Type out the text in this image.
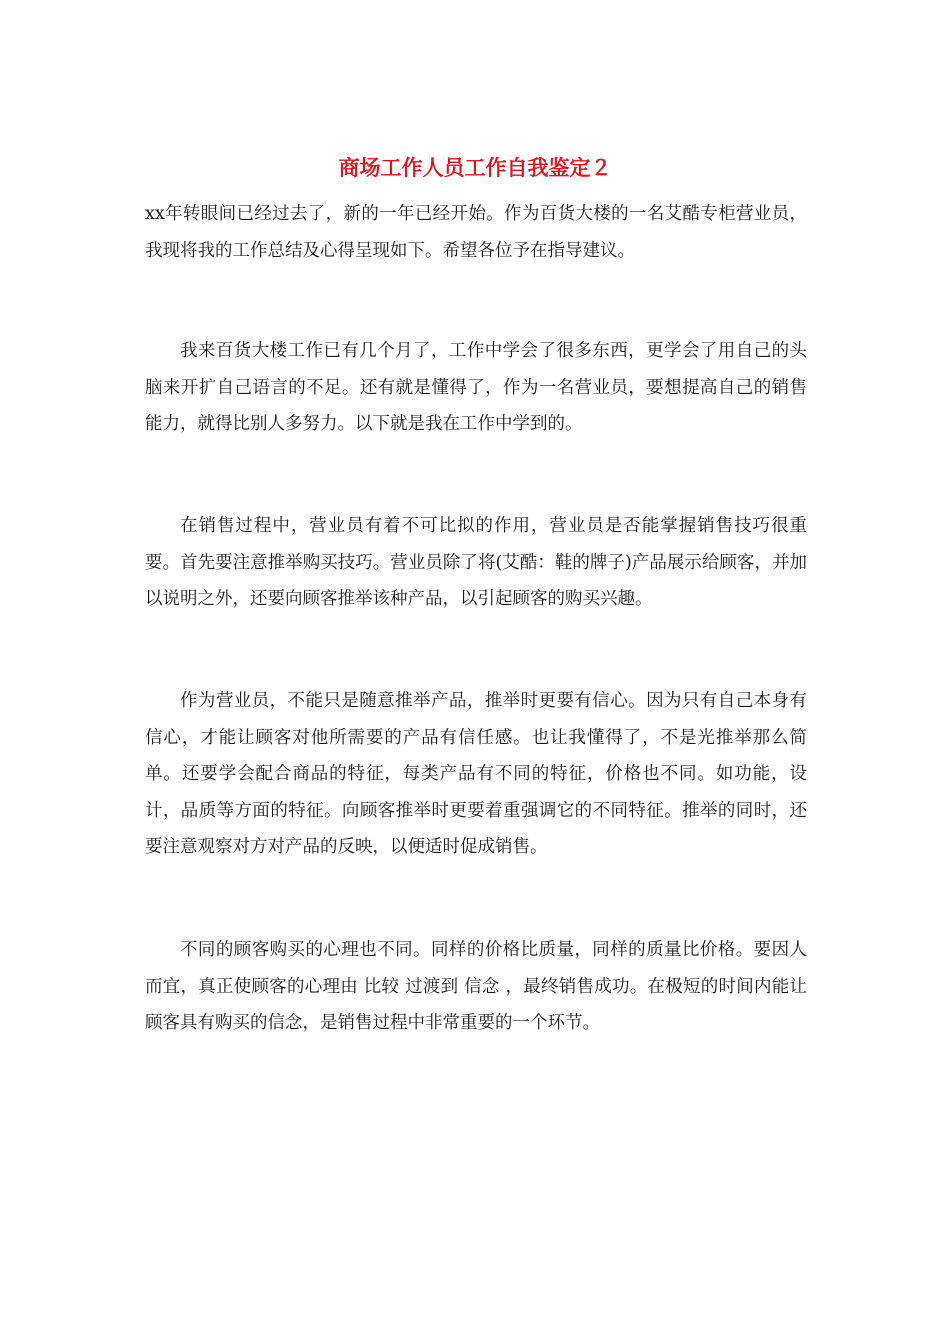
商场工作人员工作自我鉴定２

xx年转眼间已经过去了，新的一年已经开始。作为百货大楼的一名艾酷专柜营业员，我现将我的工作总结及心得呈现如下。希望各位予在指导建议。

我来百货大楼工作已有几个月了，工作中学会了很多东西，更学会了用自己的头脑来开扩自己语言的不足。还有就是懂得了，作为一名营业员，要想提高自己的销售能力，就得比别人多努力。以下就是我在工作中学到的。

在销售过程中，营业员有着不可比拟的作用，营业员是否能掌握销售技巧很重要。首先要注意推举购买技巧。营业员除了将(艾酷：鞋的牌子)产品展示给顾客，并加以说明之外，还要向顾客推举该种产品，以引起顾客的购买兴趣。

作为营业员，不能只是随意推举产品，推举时更要有信心。因为只有自己本身有信心，才能让顾客对他所需要的产品有信任感。也让我懂得了，不是光推举那么简单。还要学会配合商品的特征，每类产品有不同的特征，价格也不同。如功能，设计，品质等方面的特征。向顾客推举时更要着重强调它的不同特征。推举的同时，还要注意观察对方对产品的反映，以便适时促成销售。

不同的顾客购买的心理也不同。同样的价格比质量，同样的质量比价格。要因人而宜，真正使顾客的心理由 比较 过渡到 信念 ，最终销售成功。在极短的时间内能让顾客具有购买的信念，是销售过程中非常重要的一个环节。
